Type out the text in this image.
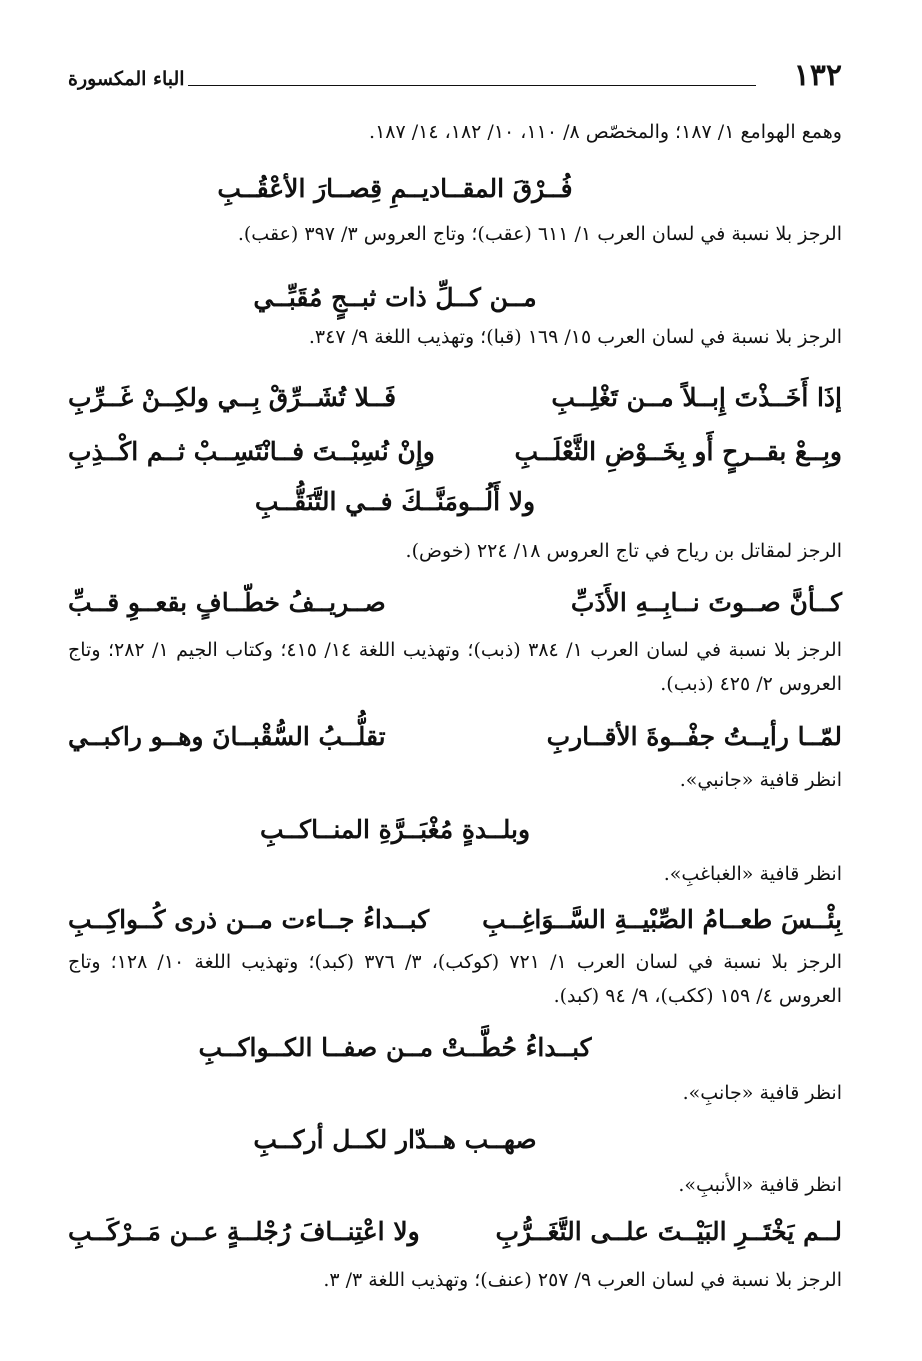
١٣٢
الباء المكسورة
وهمع الهوامع ١/ ١٨٧؛ والمخصّص ٨/ ١١٠، ١٠/ ١٨٢، ١٤/ ١٨٧.
فُــرْقَ المقــاديــمِ قِصــارَ الأعْقُــبِ
الرجز بلا نسبة في لسان العرب ١/ ٦١١ (عقب)؛ وتاج العروس ٣/ ٣٩٧ (عقب).
مــن كــلِّ ذات ثبــجٍ مُقَبِّــي
الرجز بلا نسبة في لسان العرب ١٥/ ١٦٩ (قبا)؛ وتهذيب اللغة ٩/ ٣٤٧.
إذَا أَخَــذْتَ إِبــلاً مــن تَغْلِــبِ
فَــلا تُشَــرِّقْ بِــي ولكِــنْ غَــرِّبِ
وبِــعْ بقــرحٍ أَو بِخَــوْضِ الثَّعْلَــبِ
وإِنْ نُسِبْــتَ فــانْتَسِــبْ ثــم اكْــذِبِ
ولا أَلُــومَنَّــكَ فــي التَّنَقُّــبِ
الرجز لمقاتل بن رياح في تاج العروس ١٨/ ٢٢٤ (خوض).
كــأنَّ صــوتَ نــابِــهِ الأَذَبِّ
صــريــفُ خطّــافٍ بقعــوِ قــبِّ
الرجز بلا نسبة في لسان العرب ١/ ٣٨٤ (ذبب)؛ وتهذيب اللغة ١٤/ ٤١٥؛ وكتاب الجيم ١/ ٢٨٢؛ وتاج العروس ٢/ ٤٢٥ (ذبب).
لمّــا رأيــتُ جفْــوةَ الأقــاربِ
تقلُّــبُ السُّقْبــانَ وهــو راكبــي
انظر قافية «جانبي».
وبلــدةٍ مُغْبَــرَّةِ المنــاكــبِ
انظر قافية «الغباغبِ».
بِئْــسَ طعــامُ الصِّبْيــةِ السَّــوَاغِــبِ
كبــداءُ جــاءت مــن ذرى كُــواكِــبِ
الرجز بلا نسبة في لسان العرب ١/ ٧٢١ (كوكب)، ٣/ ٣٧٦ (كبد)؛ وتهذيب اللغة ١٠/ ١٢٨؛ وتاج العروس ٤/ ١٥٩ (ككب)، ٩/ ٩٤ (كبد).
كبــداءُ حُطَّــتْ مــن صفــا الكــواكــبِ
انظر قافية «جانبِ».
صهــب هــدّار لكــل أركــبِ
انظر قافية «الأنببِ».
لــم يَخْتَــرِ البَيْــتَ علــى التَّغَــرُّبِ
ولا اعْتِنــافَ رُجْلــةٍ عــن مَــرْكَــبِ
الرجز بلا نسبة في لسان العرب ٩/ ٢٥٧ (عنف)؛ وتهذيب اللغة ٣/ ٣.
